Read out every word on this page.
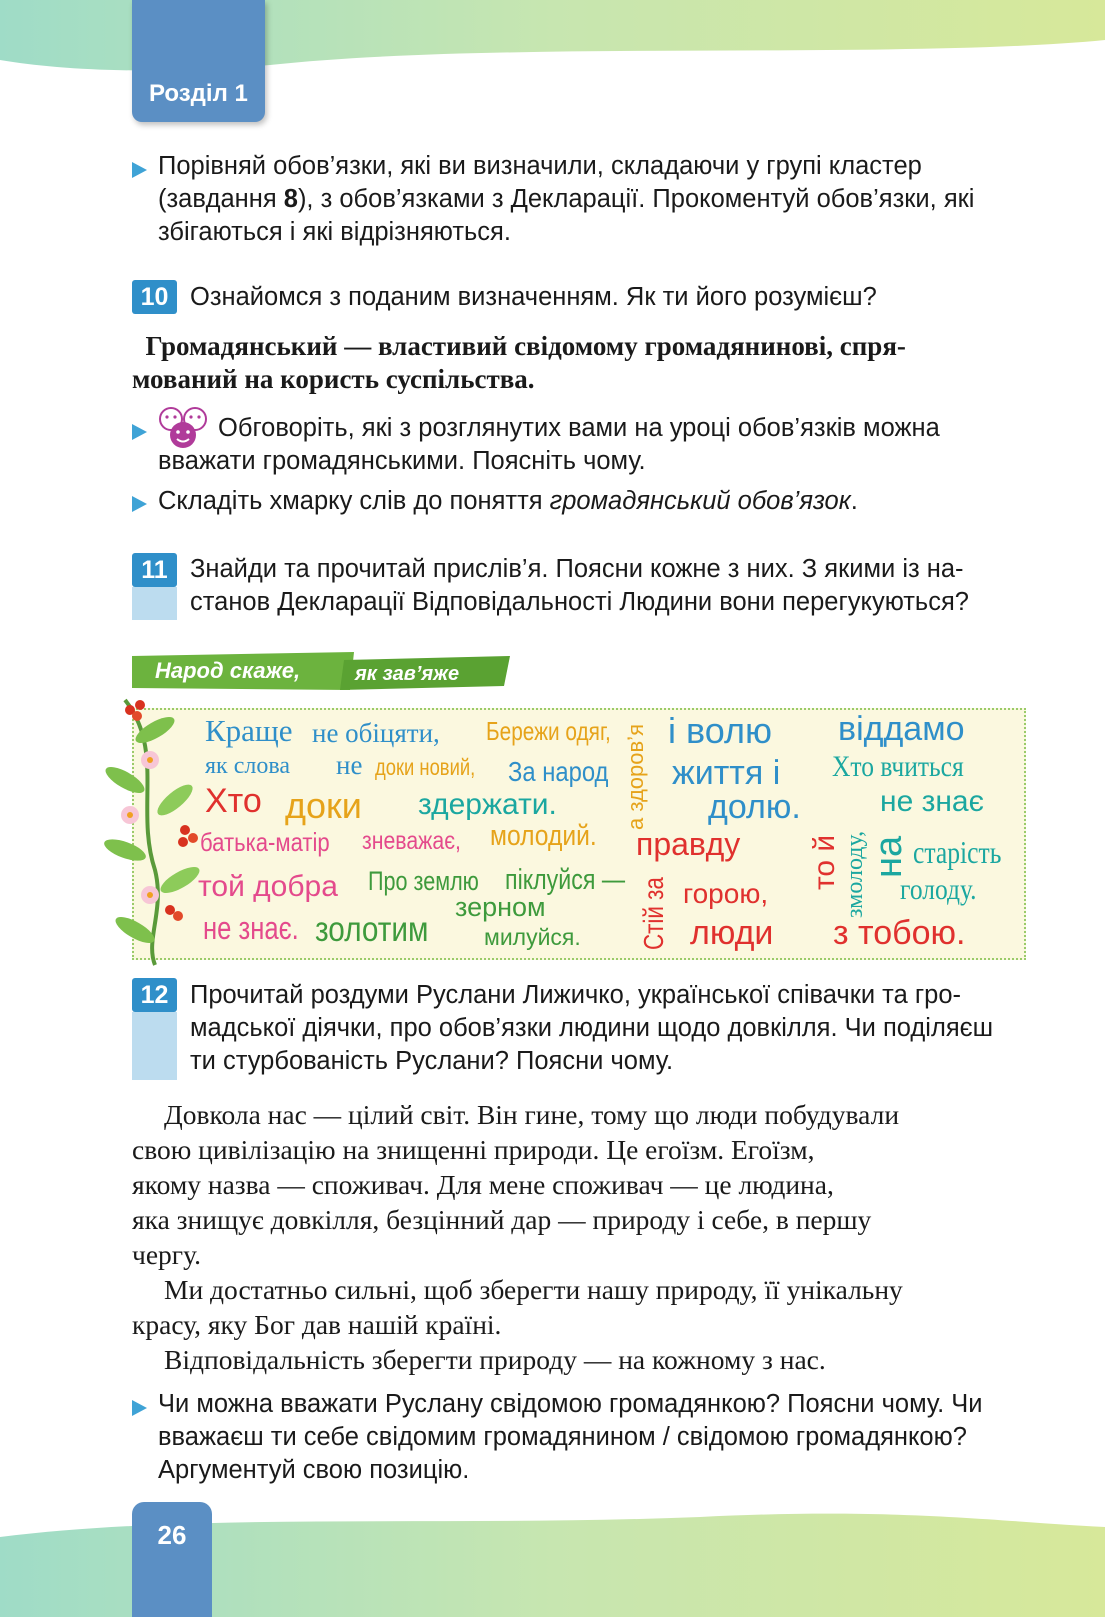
Розділ 1
Порівняй обов’язки, які ви визначили, складаючи у групі кластер
(завдання 8), з обов’язками з Декларації. Прокоментуй обов’язки, які
збігаються і які відрізняються.
10 Ознайомся з поданим визначенням. Як ти його розумієш?
Громадянський — властивий свідомому громадянинові, спря-
мований на користь суспільства.
Обговоріть, які з розглянутих вами на уроці обов’язків можна
вважати громадянськими. Поясніть чому.
Складіть хмарку слів до поняття громадянський обов’язок.
11 Знайди та прочитай прислів’я. Поясни кожне з них. З якими із на-
станов Декларації Відповідальності Людини вони перегукуються?
Народ скаже,	як зав’яже
Краще не обіцяти, Бережи одяг, а здоров’я і волю віддамо
як слова не доки новий, За народ життя і Хто вчиться
Хто доки здержати.	долю.
змолоду,
не знає
батька-матір зневажає, молодий. правду то й на старість
той добра Про землю піклуйся — Стій за горою,	голоду.
зерном
не знає. золотим милуйся.	люди з тобою.
12 Прочитай роздуми Руслани Лижичко, української співачки та гро-
мадської діячки, про обов’язки людини щодо довкілля. Чи поділяєш
ти стурбованість Руслани? Поясни чому.
Довкола нас — цілий світ. Він гине, тому що люди побудували
свою цивілізацію на знищенні природи. Це егоїзм. Егоїзм,
якому назва — споживач. Для мене споживач — це людина,
яка знищує довкілля, безцінний дар — природу і себе, в першу
чергу.
Ми достатньо сильні, щоб зберегти нашу природу, її унікальну
красу, яку Бог дав нашій країні.
Відповідальність зберегти природу — на кожному з нас.
Чи можна вважати Руслану свідомою громадянкою? Поясни чому. Чи
вважаєш ти себе свідомим громадянином / свідомою громадянкою?
Аргументуй свою позицію.
26
